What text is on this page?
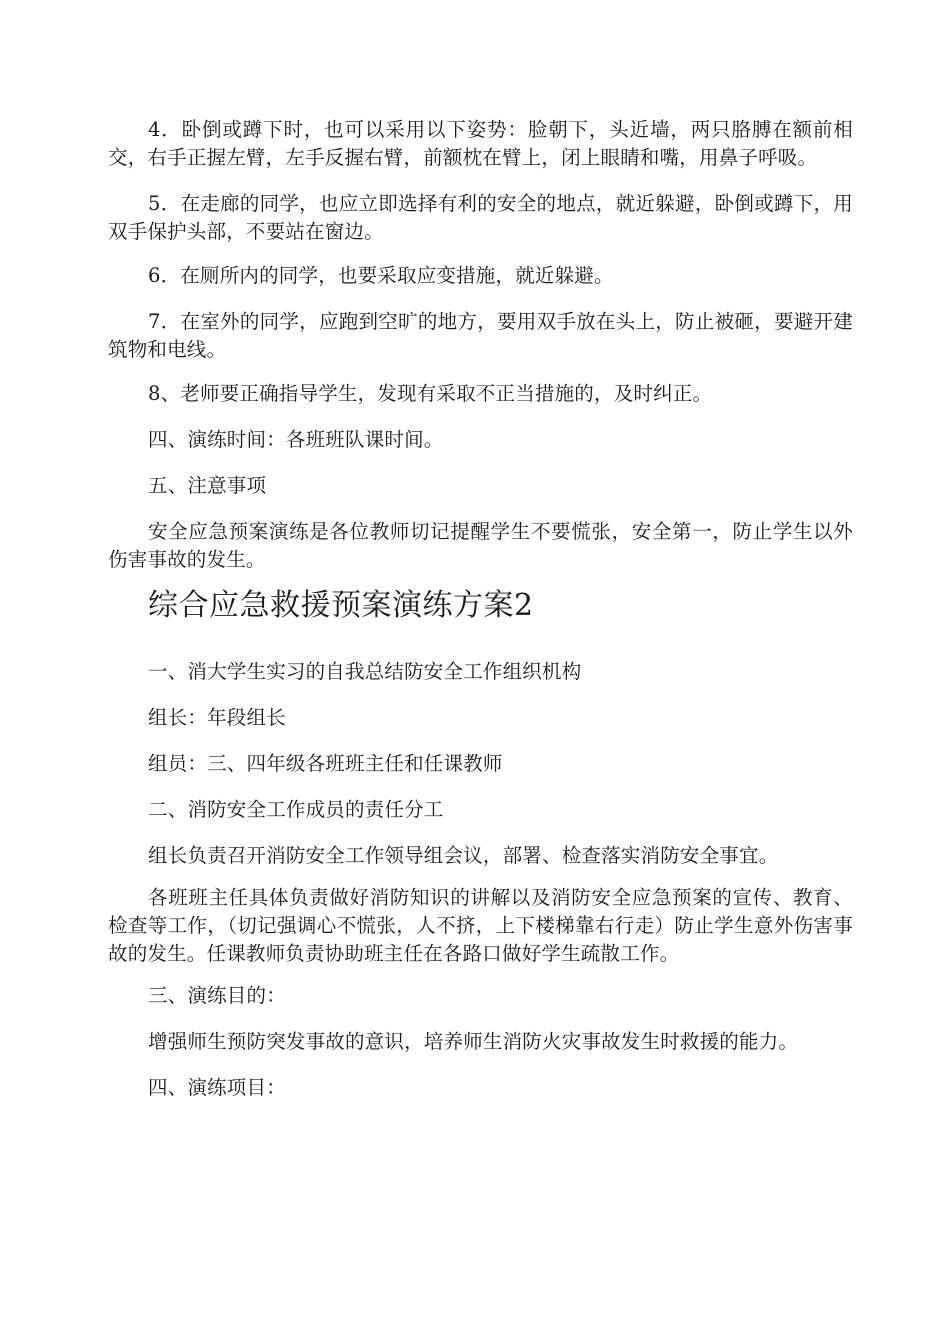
4．卧倒或蹲下时，也可以采用以下姿势：脸朝下，头近墙，两只胳膊在额前相交，右手正握左臂，左手反握右臂，前额枕在臂上，闭上眼睛和嘴，用鼻子呼吸。

5．在走廊的同学，也应立即选择有利的安全的地点，就近躲避，卧倒或蹲下，用双手保护头部，不要站在窗边。

6．在厕所内的同学，也要采取应变措施，就近躲避。

7．在室外的同学，应跑到空旷的地方，要用双手放在头上，防止被砸，要避开建筑物和电线。

8、老师要正确指导学生，发现有采取不正当措施的，及时纠正。

四、演练时间：各班班队课时间。

五、注意事项

安全应急预案演练是各位教师切记提醒学生不要慌张，安全第一，防止学生以外伤害事故的发生。

综合应急救援预案演练方案2

一、消大学生实习的自我总结防安全工作组织机构

组长：年段组长

组员：三、四年级各班班主任和任课教师

二、消防安全工作成员的责任分工

组长负责召开消防安全工作领导组会议，部署、检查落实消防安全事宜。

各班班主任具体负责做好消防知识的讲解以及消防安全应急预案的宣传、教育、检查等工作，（切记强调心不慌张，人不挤，上下楼梯靠右行走）防止学生意外伤害事故的发生。任课教师负责协助班主任在各路口做好学生疏散工作。

三、演练目的：

增强师生预防突发事故的意识，培养师生消防火灾事故发生时救援的能力。

四、演练项目：
